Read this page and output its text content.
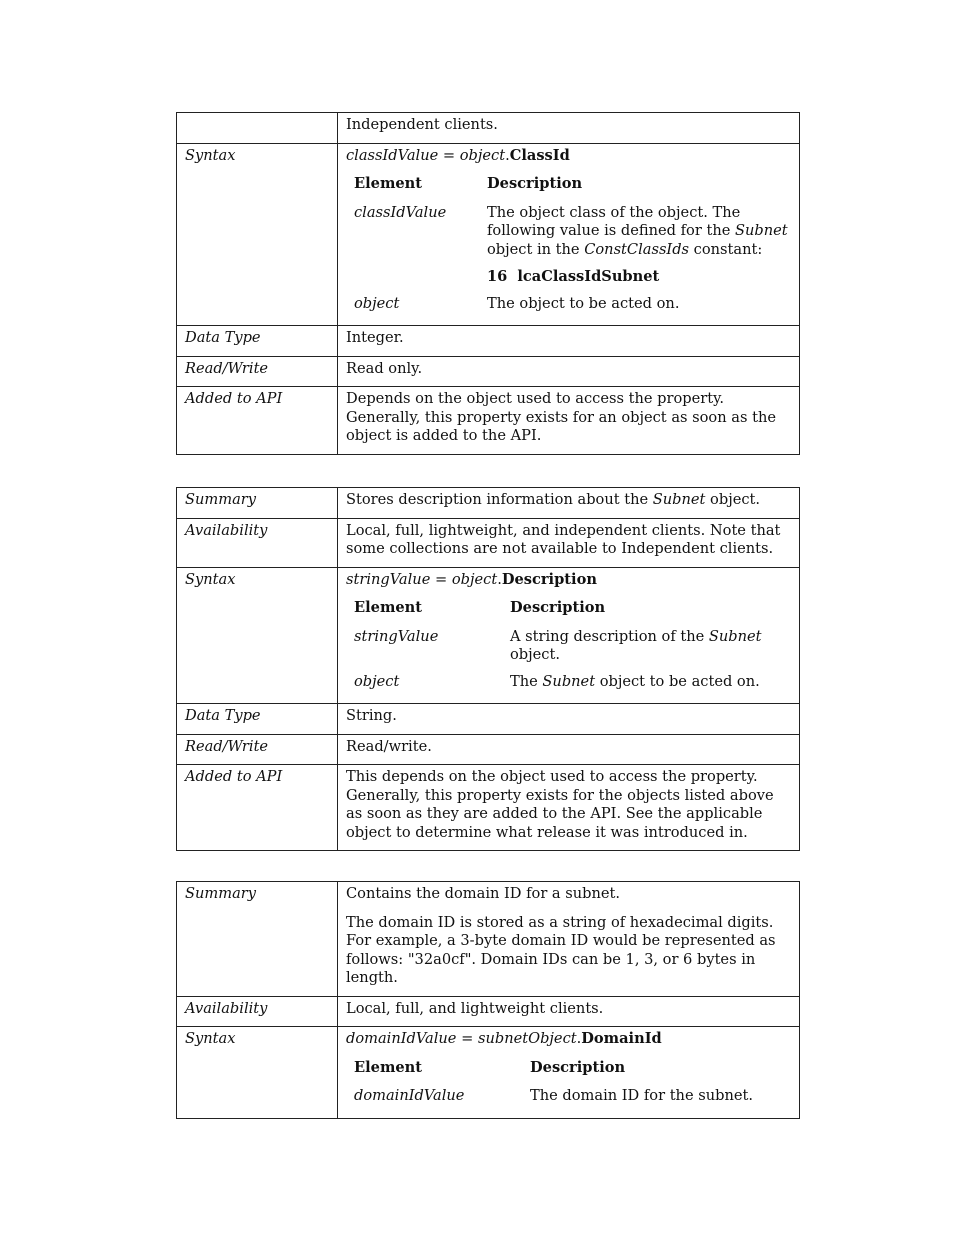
	Independent clients.
Syntax	classIdValue = object.ClassId
Element	Description
classIdValue	The object class of the object. The following value is defined for the Subnet object in the ConstClassIds constant:
16 lcaClassIdSubnet

object	The object to be acted on.

Data Type	Integer.
Read/Write	Read only.
Added to API	Depends on the object used to access the property. Generally, this property exists for an object as soon as the object is added to the API.
Summary	Stores description information about the Subnet object.
Availability	Local, full, lightweight, and independent clients. Note that some collections are not available to Independent clients.
Syntax	stringValue = object.Description
Element	Description
stringValue	A string description of the Subnet object.
object	The Subnet object to be acted on.

Data Type	String.
Read/Write	Read/write.
Added to API	This depends on the object used to access the property. Generally, this property exists for the objects listed above as soon as they are added to the API. See the applicable object to determine what release it was introduced in.
Summary	Contains the domain ID for a subnet.
The domain ID is stored as a string of hexadecimal digits. For example, a 3-byte domain ID would be represented as follows: "32a0cf". Domain IDs can be 1, 3, or 6 bytes in length.

Availability	Local, full, and lightweight clients.
Syntax	domainIdValue = subnetObject.DomainId
Element	Description
domainIdValue	The domain ID for the subnet.
